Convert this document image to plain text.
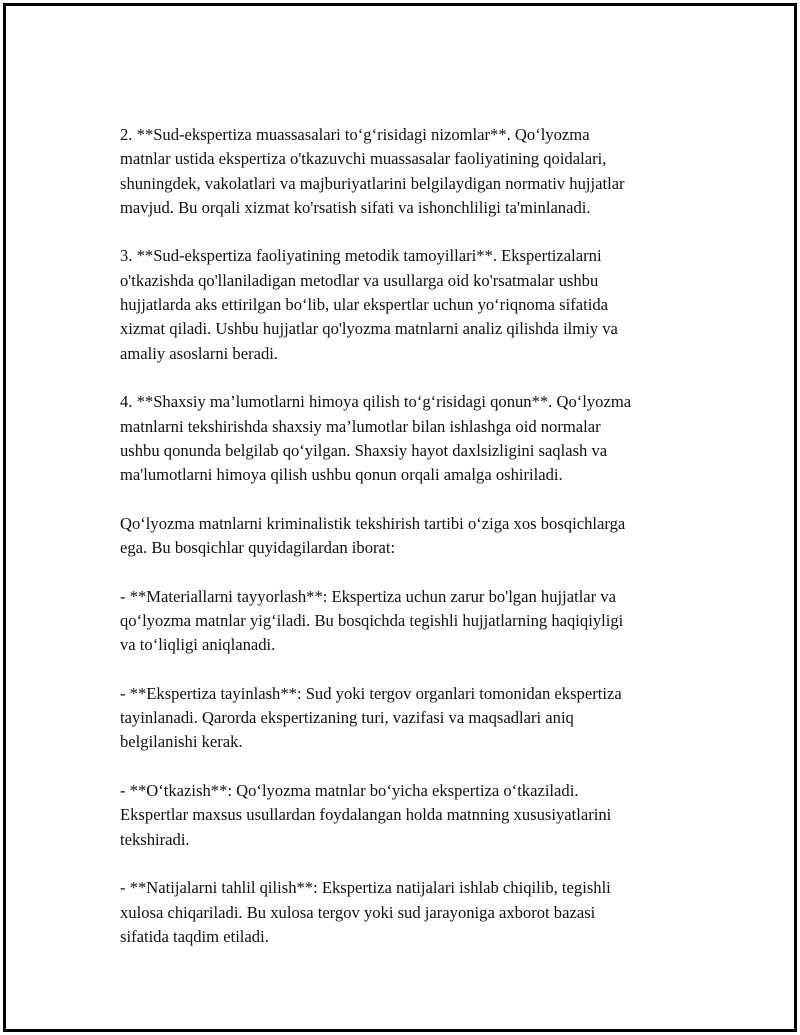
2. **Sud-ekspertiza muassasalari to‘g‘risidagi nizomlar**. Qo‘lyozma
matnlar ustida ekspertiza o'tkazuvchi muassasalar faoliyatining qoidalari,
shuningdek, vakolatlari va majburiyatlarini belgilaydigan normativ hujjatlar
mavjud. Bu orqali xizmat ko'rsatish sifati va ishonchliligi ta'minlanadi.

3. **Sud-ekspertiza faoliyatining metodik tamoyillari**. Ekspertizalarni
o'tkazishda qo'llaniladigan metodlar va usullarga oid ko'rsatmalar ushbu
hujjatlarda aks ettirilgan bo‘lib, ular ekspertlar uchun yo‘riqnoma sifatida
xizmat qiladi. Ushbu hujjatlar qo'lyozma matnlarni analiz qilishda ilmiy va
amaliy asoslarni beradi.

4. **Shaxsiy ma’lumotlarni himoya qilish to‘g‘risidagi qonun**. Qo‘lyozma
matnlarni tekshirishda shaxsiy ma’lumotlar bilan ishlashga oid normalar
ushbu qonunda belgilab qo‘yilgan. Shaxsiy hayot daxlsizligini saqlash va
ma'lumotlarni himoya qilish ushbu qonun orqali amalga oshiriladi.

Qo‘lyozma matnlarni kriminalistik tekshirish tartibi o‘ziga xos bosqichlarga
ega. Bu bosqichlar quyidagilardan iborat:

- **Materiallarni tayyorlash**: Ekspertiza uchun zarur bo'lgan hujjatlar va
qo‘lyozma matnlar yig‘iladi. Bu bosqichda tegishli hujjatlarning haqiqiyligi
va to‘liqligi aniqlanadi.

- **Ekspertiza tayinlash**: Sud yoki tergov organlari tomonidan ekspertiza
tayinlanadi. Qarorda ekspertizaning turi, vazifasi va maqsadlari aniq
belgilanishi kerak.

- **O‘tkazish**: Qo‘lyozma matnlar bo‘yicha ekspertiza o‘tkaziladi.
Ekspertlar maxsus usullardan foydalangan holda matnning xususiyatlarini
tekshiradi.

- **Natijalarni tahlil qilish**: Ekspertiza natijalari ishlab chiqilib, tegishli
xulosa chiqariladi. Bu xulosa tergov yoki sud jarayoniga axborot bazasi
sifatida taqdim etiladi.
